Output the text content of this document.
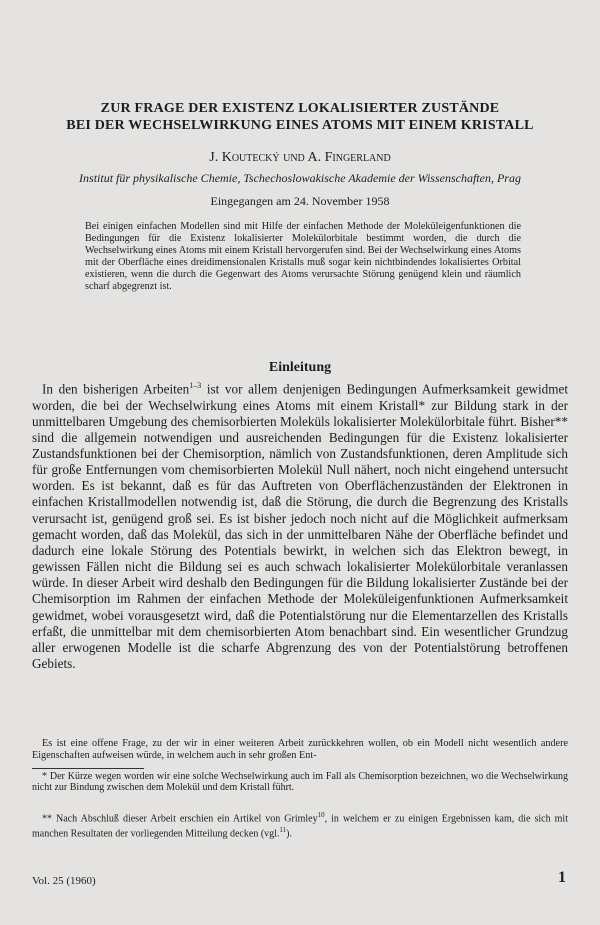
ZUR FRAGE DER EXISTENZ LOKALISIERTER ZUSTÄNDE
BEI DER WECHSELWIRKUNG EINES ATOMS MIT EINEM KRISTALL

J. Koutecký und A. Fingerland

Institut für physikalische Chemie, Tschechoslowakische Akademie der Wissenschaften, Prag

Eingegangen am 24. November 1958

Bei einigen einfachen Modellen sind mit Hilfe der einfachen Methode der Moleküleigenfunktionen die Bedingungen für die Existenz lokalisierter Molekülorbitale bestimmt worden, die durch die Wechselwirkung eines Atoms mit einem Kristall hervorgerufen sind. Bei der Wechselwirkung eines Atoms mit der Oberfläche eines dreidimensionalen Kristalls muß sogar kein nichtbindendes lokalisiertes Orbital existieren, wenn die durch die Gegenwart des Atoms verursachte Störung genügend klein und räumlich scharf abgegrenzt ist.

Einleitung

In den bisherigen Arbeiten$^{1-3}$ ist vor allem denjenigen Bedingungen Aufmerksamkeit gewidmet worden, die bei der Wechselwirkung eines Atoms mit einem Kristall* zur Bildung stark in der unmittelbaren Umgebung des chemisorbierten Moleküls lokalisierter Molekülorbitale führt. Bisher** sind die allgemein notwendigen und ausreichenden Bedingungen für die Existenz lokalisierter Zustandsfunktionen bei der Chemisorption, nämlich von Zustandsfunktionen, deren Amplitude sich für große Entfernungen vom chemisorbierten Molekül Null nähert, noch nicht eingehend untersucht worden. Es ist bekannt, daß es für das Auftreten von Oberflächenzuständen der Elektronen in einfachen Kristallmodellen notwendig ist, daß die Störung, die durch die Begrenzung des Kristalls verursacht ist, genügend groß sei. Es ist bisher jedoch noch nicht auf die Möglichkeit aufmerksam gemacht worden, daß das Molekül, das sich in der unmittelbaren Nähe der Oberfläche befindet und dadurch eine lokale Störung des Potentials bewirkt, in welchen sich das Elektron bewegt, in gewissen Fällen nicht die Bildung sei es auch schwach lokalisierter Molekülorbitale veranlassen würde. In dieser Arbeit wird deshalb den Bedingungen für die Bildung lokalisierter Zustände bei der Chemisorption im Rahmen der einfachen Methode der Moleküleigenfunktionen Aufmerksamkeit gewidmet, wobei vorausgesetzt wird, daß die Potentialstörung nur die Elementarzellen des Kristalls erfaßt, die unmittelbar mit dem chemisorbierten Atom benachbart sind. Ein wesentlicher Grundzug aller erwogenen Modelle ist die scharfe Abgrenzung des von der Potentialstörung betroffenen Gebiets.

Es ist eine offene Frage, zu der wir in einer weiteren Arbeit zurückkehren wollen, ob ein Modell nicht wesentlich andere Eigenschaften aufweisen würde, in welchem auch in sehr großen Ent-

* Der Kürze wegen worden wir eine solche Wechselwirkung auch im Fall als Chemisorption bezeichnen, wo die Wechselwirkung nicht zur Bindung zwischen dem Molekül und dem Kristall führt.

** Nach Abschluß dieser Arbeit erschien ein Artikel von Grimley$^{10}$, in welchem er zu einigen Ergebnissen kam, die sich mit manchen Resultaten der vorliegenden Mitteilung decken (vgl.$^{11}$).

Vol. 25 (1960)	1
